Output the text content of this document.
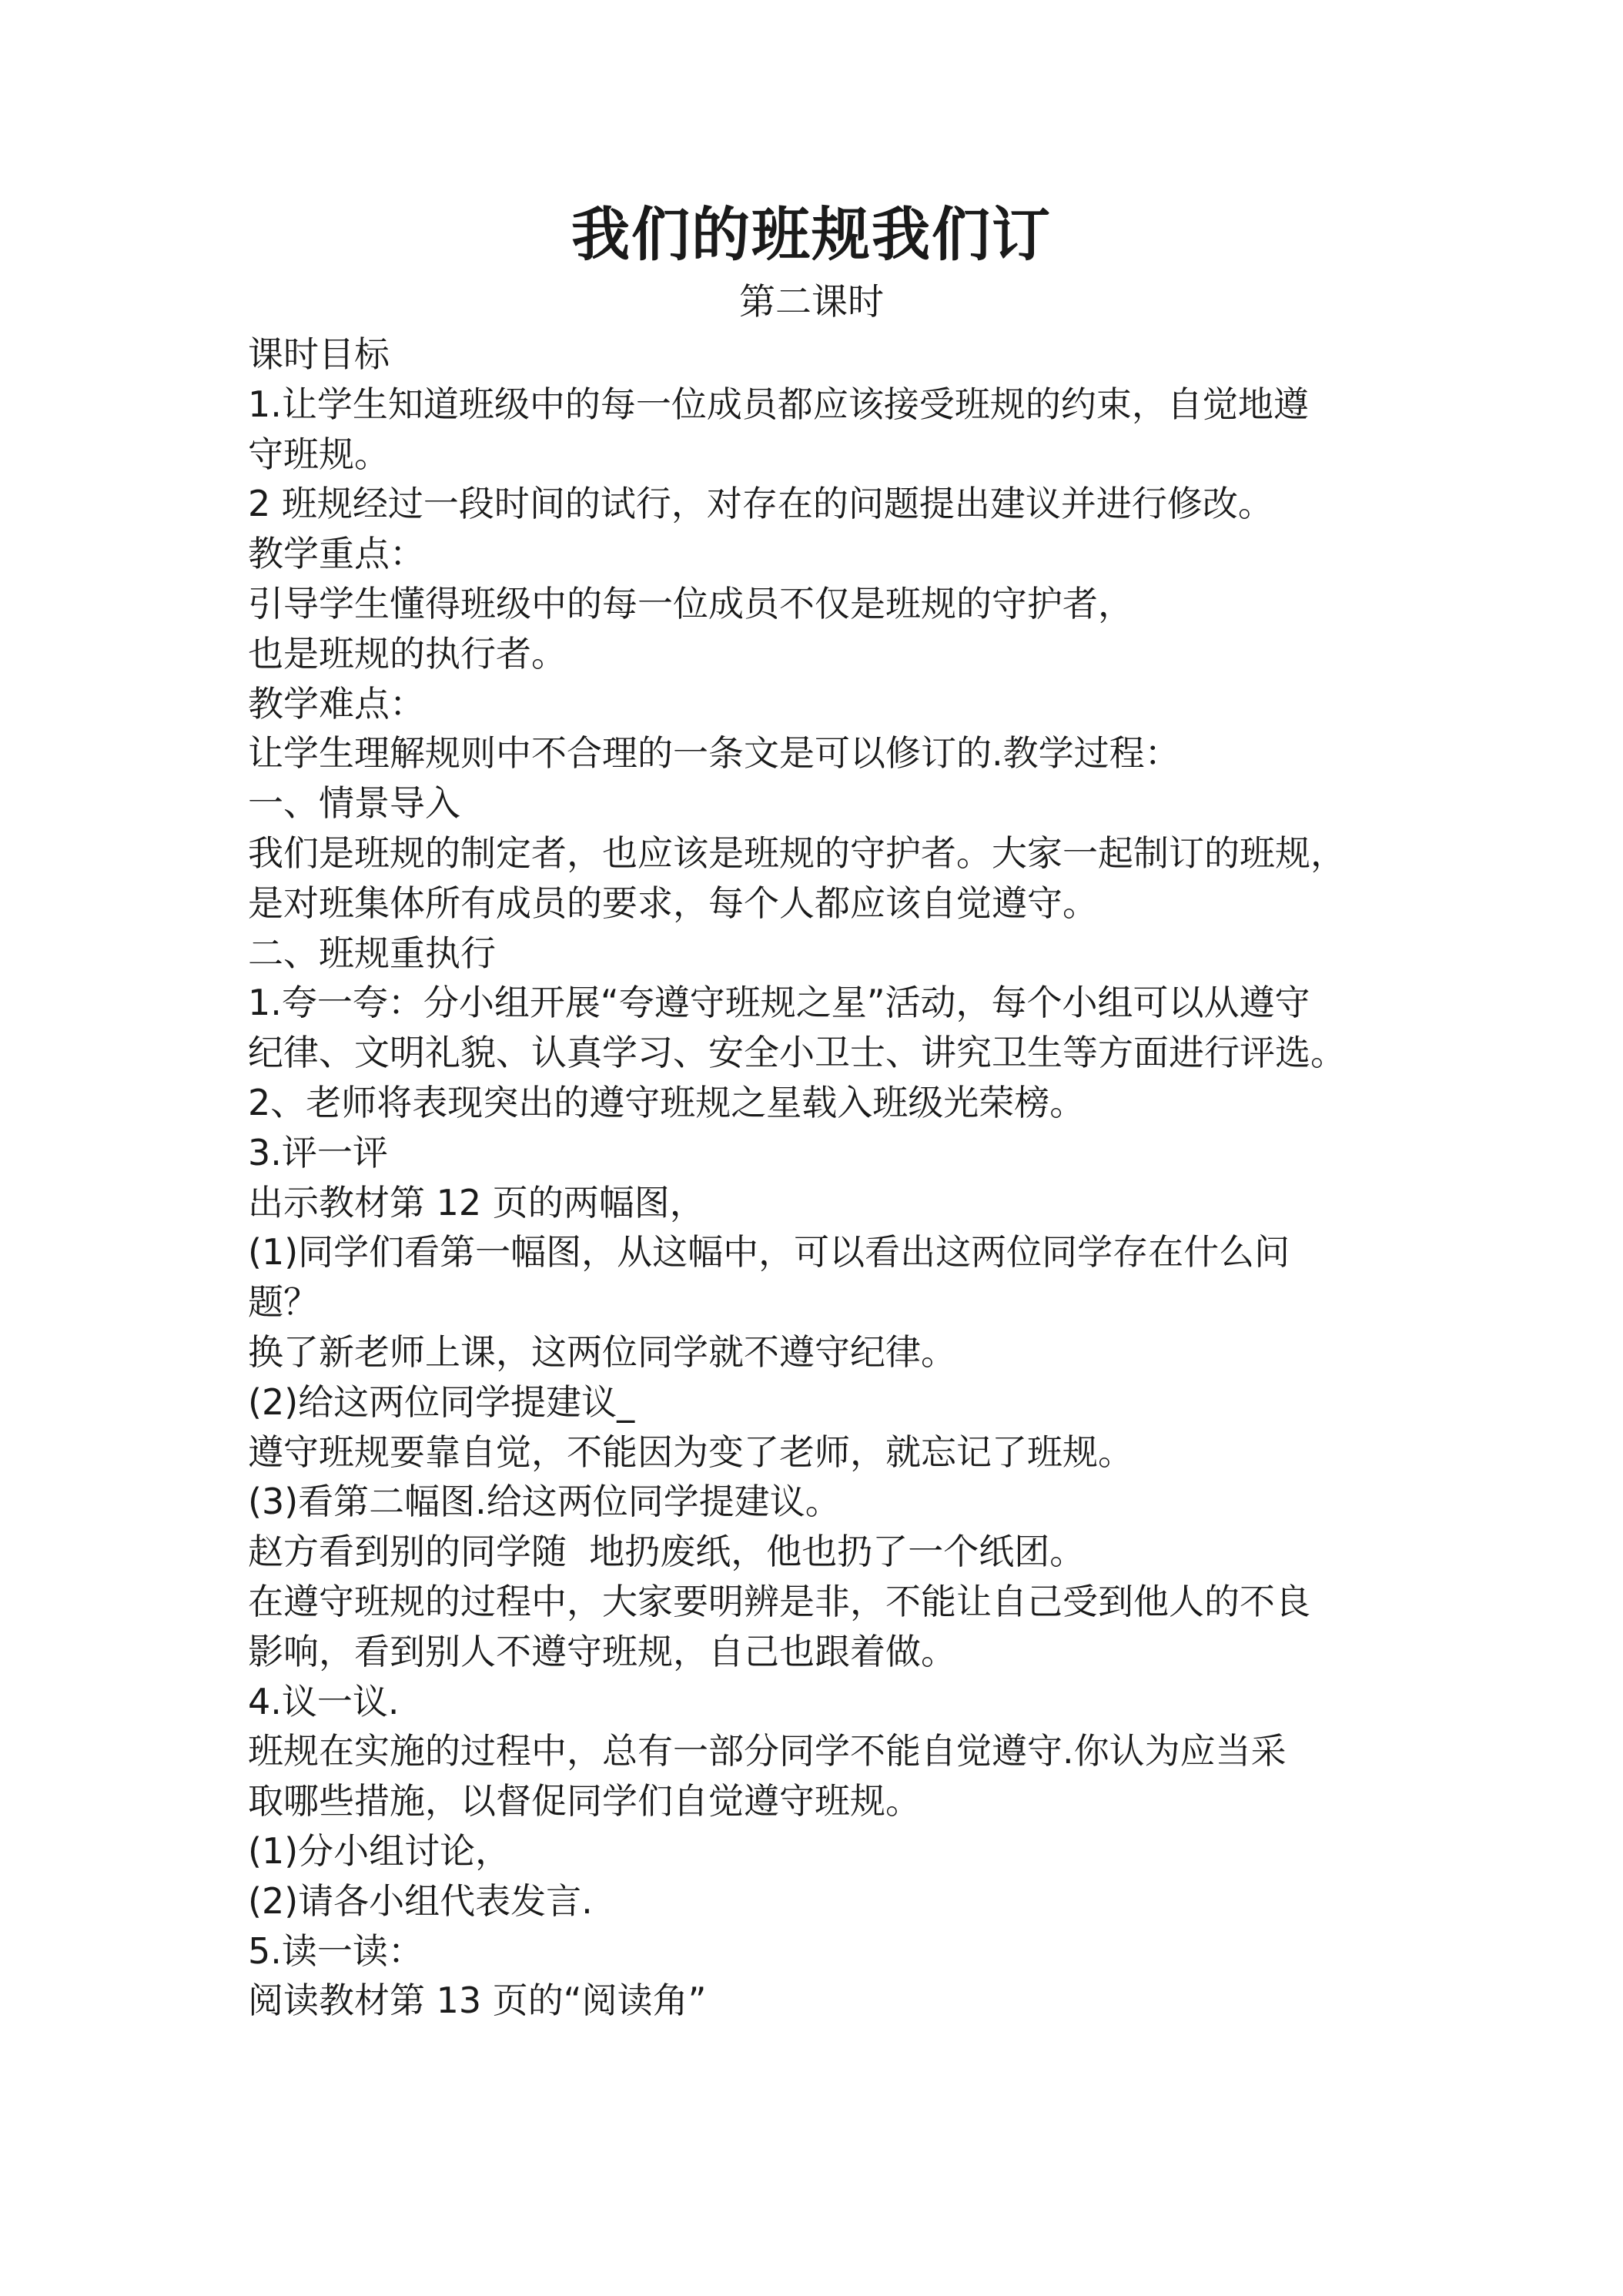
我们的班规我们订
第二课时
课时目标
1.让学生知道班级中的每一位成员都应该接受班规的约束，自觉地遵
守班规。
2 班规经过一段时间的试行，对存在的问题提出建议并进行修改。
教学重点：
引导学生懂得班级中的每一位成员不仅是班规的守护者，
也是班规的执行者。
教学难点：
让学生理解规则中不合理的一条文是可以修订的.教学过程：
一、情景导入
我们是班规的制定者，也应该是班规的守护者。大家一起制订的班规，
是对班集体所有成员的要求，每个人都应该自觉遵守。
二、班规重执行
1.夸一夸：分小组开展“夸遵守班规之星”活动，每个小组可以从遵守
纪律、文明礼貌、认真学习、安全小卫士、讲究卫生等方面进行评选。
2、老师将表现突出的遵守班规之星载入班级光荣榜。
3.评一评
出示教材第 12 页的两幅图，
(1)同学们看第一幅图，从这幅中，可以看出这两位同学存在什么问
题？
换了新老师上课，这两位同学就不遵守纪律。
(2)给这两位同学提建议_
遵守班规要靠自觉，不能因为变了老师，就忘记了班规。
(3)看第二幅图.给这两位同学提建议。
赵方看到别的同学随  地扔废纸，他也扔了一个纸团。
在遵守班规的过程中，大家要明辨是非，不能让自己受到他人的不良
影响，看到别人不遵守班规，自己也跟着做。
4.议一议.
班规在实施的过程中，总有一部分同学不能自觉遵守.你认为应当采
取哪些措施，以督促同学们自觉遵守班规。
(1)分小组讨论，
(2)请各小组代表发言.
5.读一读：
阅读教材第 13 页的“阅读角”
